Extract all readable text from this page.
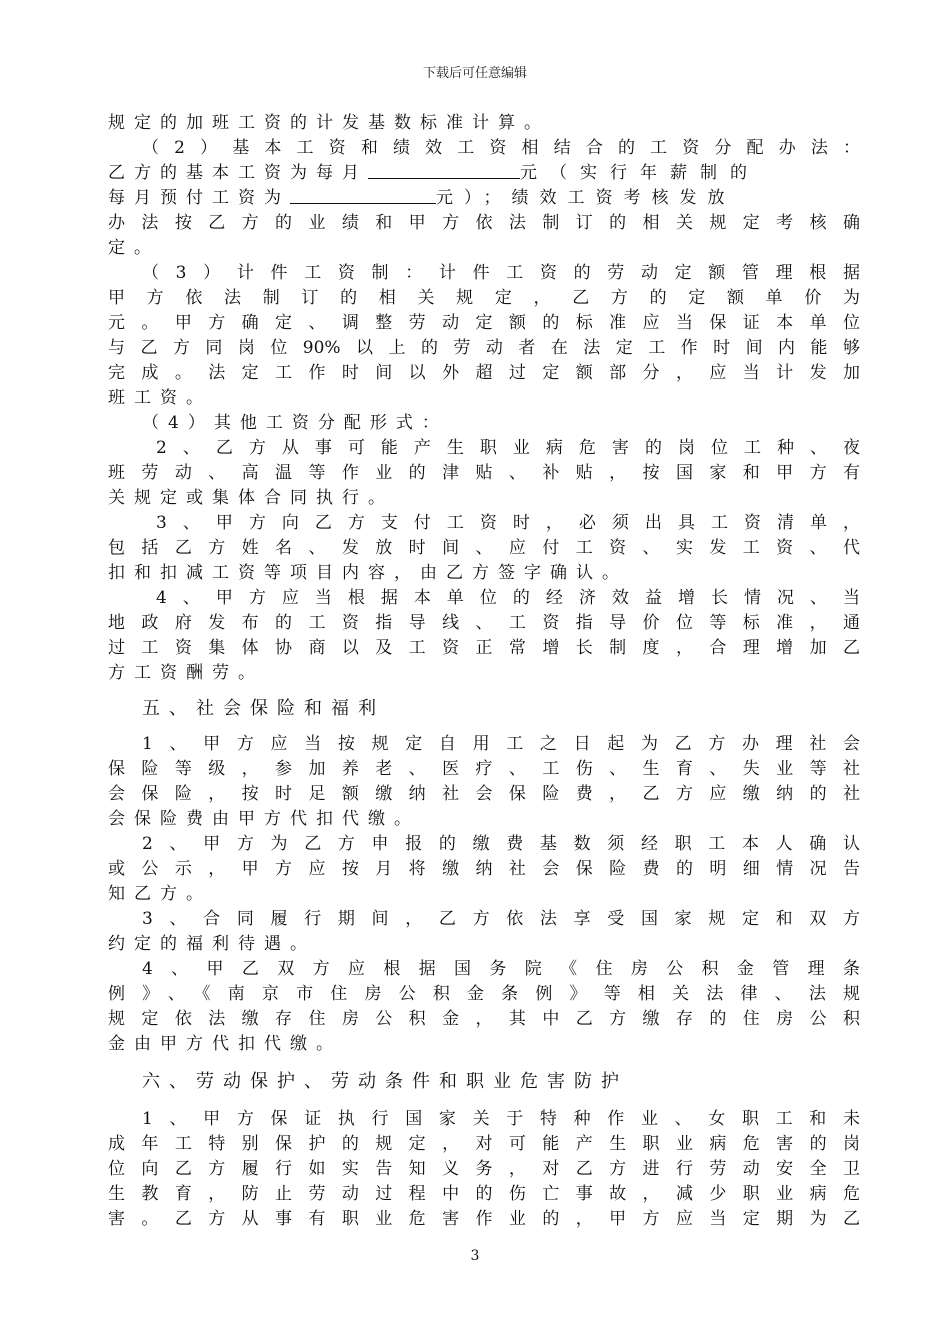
下载后可任意编辑
规定的加班工资的计发基数标准计算。
（2）基本工资和绩效工资相结合的工资分配办法：
乙方的基本工资为每月	元（实行年薪制的
每月预付工资为	元）；绩效工资考核发放
办法按乙方的业绩和甲方依法制订的相关规定考核确
定。
（3）计件工资制：计件工资的劳动定额管理根据
甲方依法制订的相关规定，乙方的定额单价为
元。甲方确定、调整劳动定额的标准应当保证本单位
与乙方同岗位90%以上的劳动者在法定工作时间内能够
完成。法定工作时间以外超过定额部分，应当计发加
班工资。
（4）其他工资分配形式：
2、乙方从事可能产生职业病危害的岗位工种、夜
班劳动、高温等作业的津贴、补贴，按国家和甲方有
关规定或集体合同执行。
3、甲方向乙方支付工资时，必须出具工资清单，
包括乙方姓名、发放时间、应付工资、实发工资、代
扣和扣减工资等项目内容，由乙方签字确认。
4、甲方应当根据本单位的经济效益增长情况、当
地政府发布的工资指导线、工资指导价位等标准，通
过工资集体协商以及工资正常增长制度，合理增加乙
方工资酬劳。
五、社会保险和福利
1、甲方应当按规定自用工之日起为乙方办理社会
保险等级，参加养老、医疗、工伤、生育、失业等社
会保险，按时足额缴纳社会保险费，乙方应缴纳的社
会保险费由甲方代扣代缴。
2、甲方为乙方申报的缴费基数须经职工本人确认
或公示，甲方应按月将缴纳社会保险费的明细情况告
知乙方。
3、合同履行期间，乙方依法享受国家规定和双方
约定的福利待遇。
4、甲乙双方应根据国务院《住房公积金管理条
例》、《南京市住房公积金条例》等相关法律、法规
规定依法缴存住房公积金，其中乙方缴存的住房公积
金由甲方代扣代缴。
六、劳动保护、劳动条件和职业危害防护
1、甲方保证执行国家关于特种作业、女职工和未
成年工特别保护的规定，对可能产生职业病危害的岗
位向乙方履行如实告知义务，对乙方进行劳动安全卫
生教育，防止劳动过程中的伤亡事故，减少职业病危
害。乙方从事有职业危害作业的，甲方应当定期为乙
3
